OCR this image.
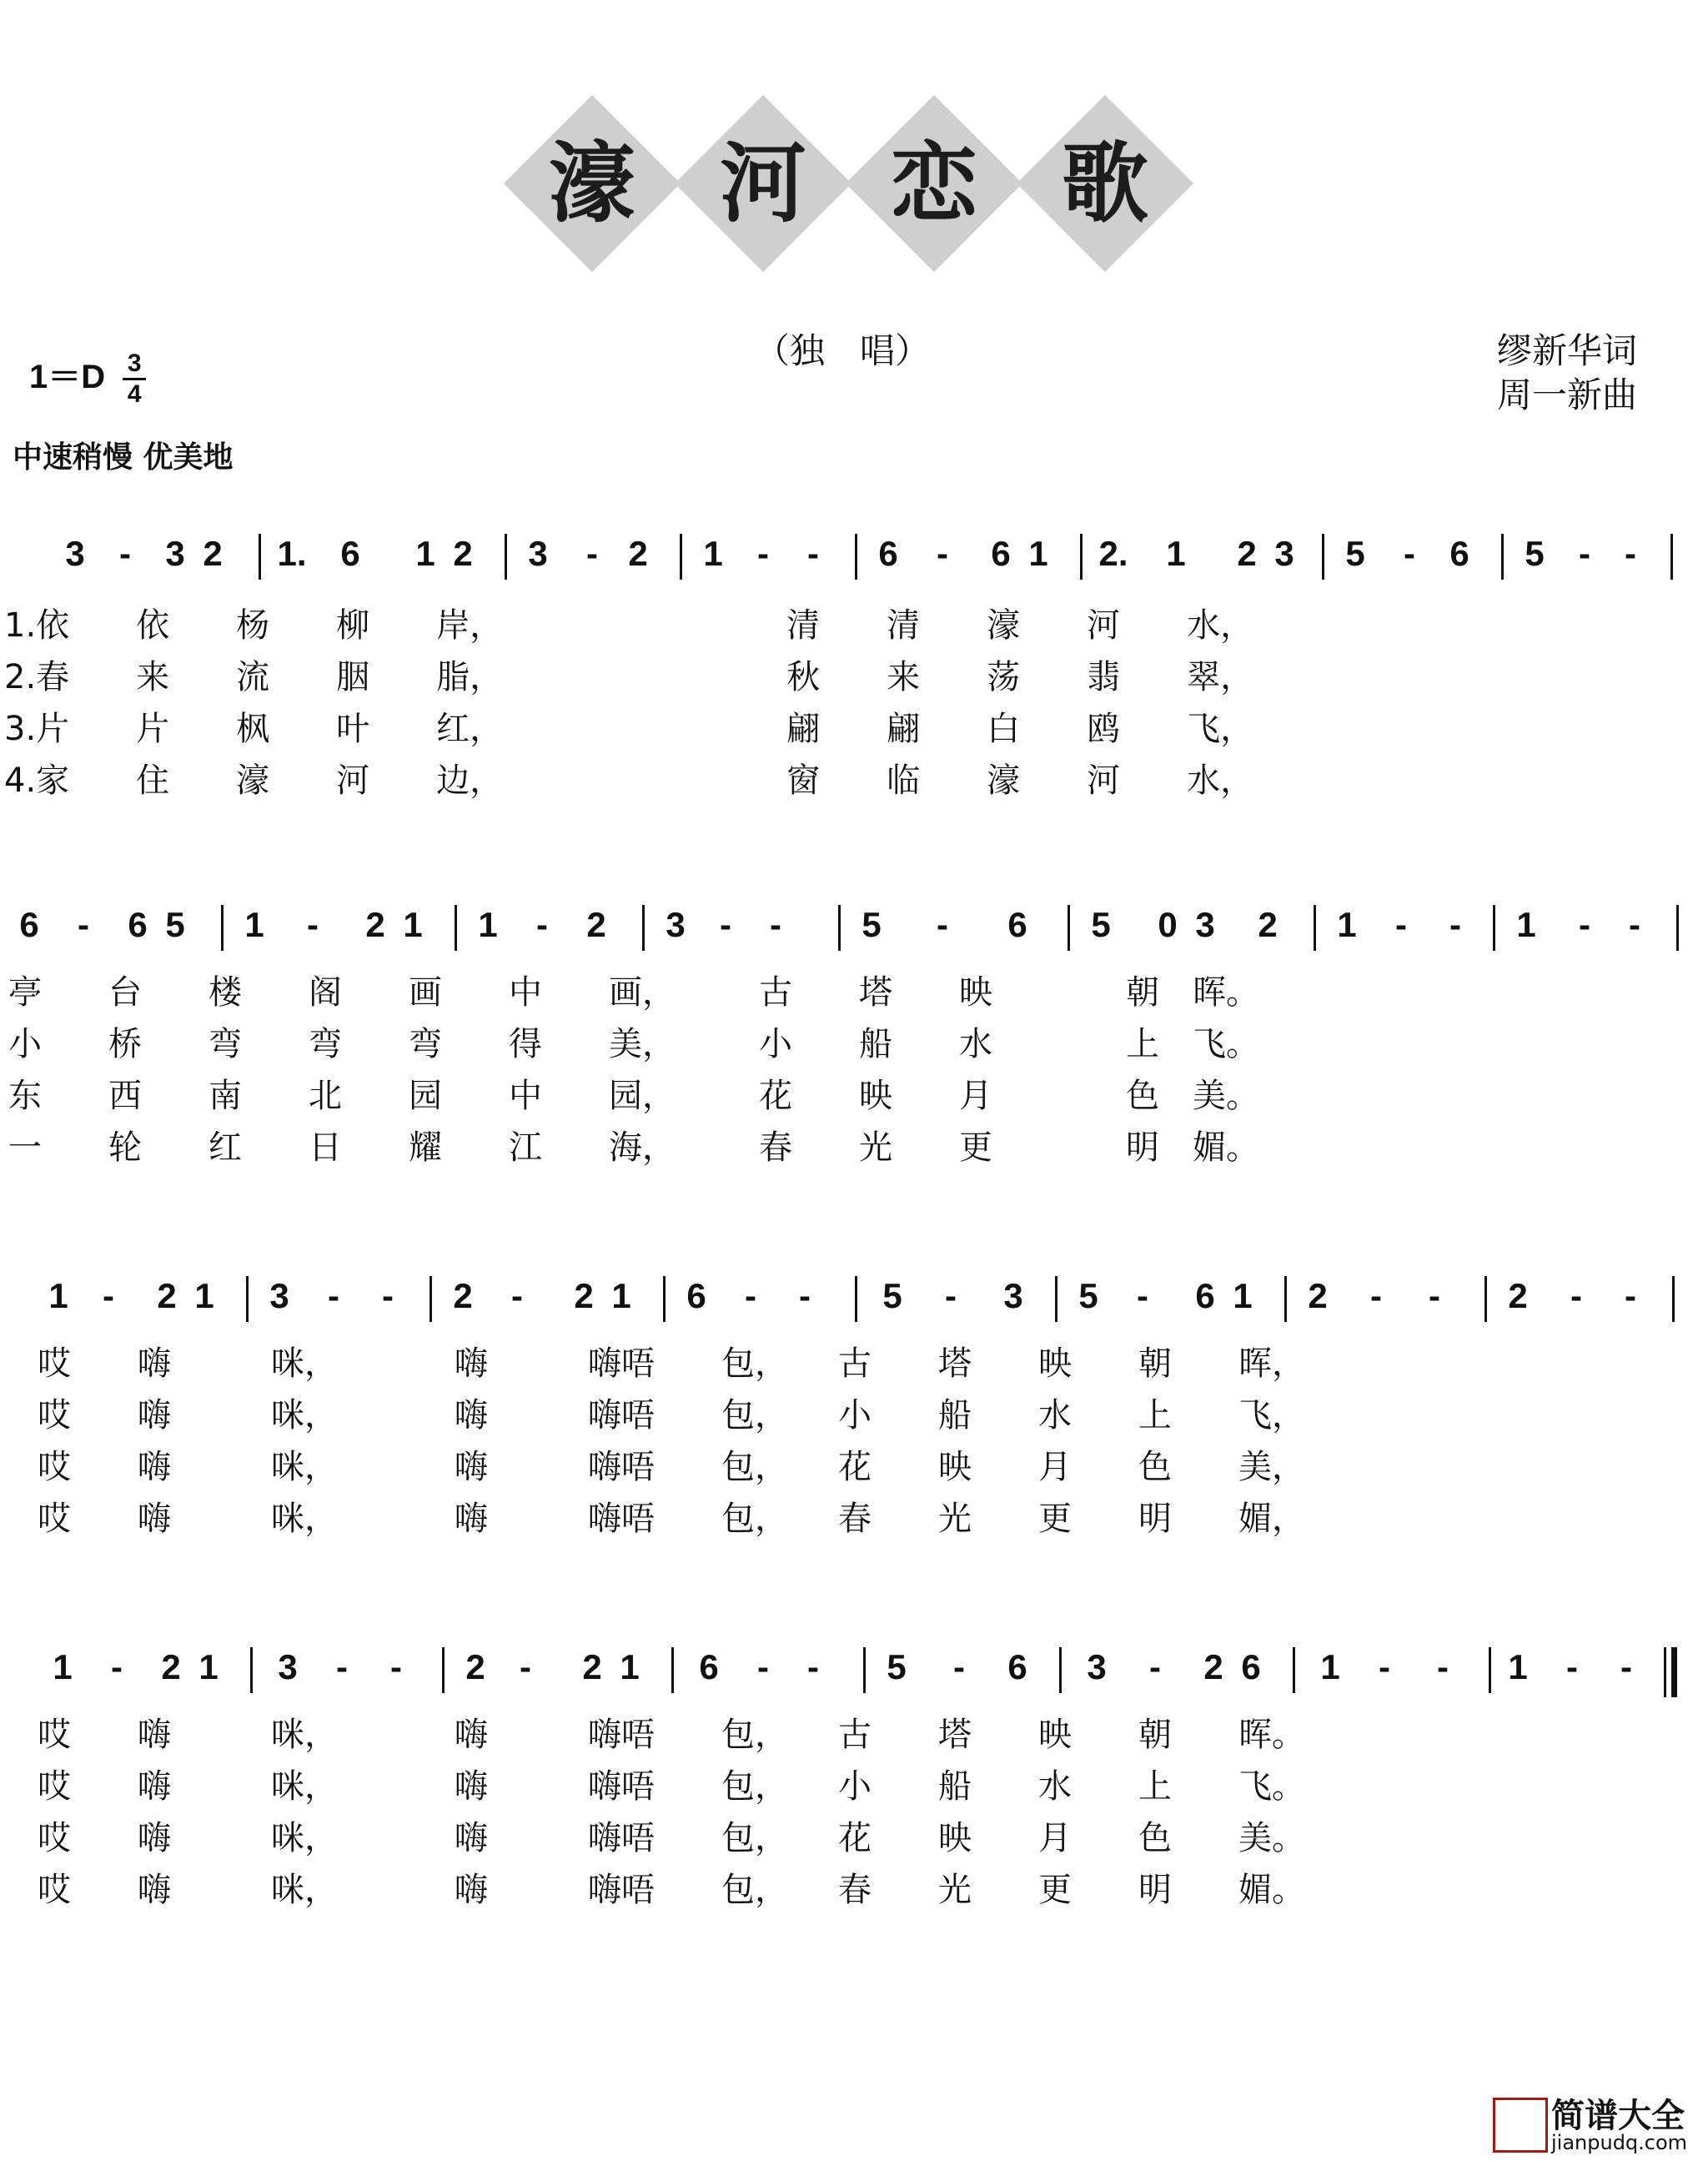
濠 河 恋 歌
（独　唱）	缪新华词
周一新曲
$1=D \frac{3}{4}$
中速稍慢 优美地
3 - 3 2 1. 6 1 2 3	- 2 1 -	-	6	-	6 1 2. 1 2 3 5	- 6 5 - -
1.依　　依　　杨　　柳　　岸，　　　　　　　　　清　　清　　濠　　河　　水，
2.春　　来　　流　　胭　　脂，　　　　　　　　　秋　　来　　荡　　翡　　翠，
3.片　　片　　枫　　叶　　红，　　　　　　　　　翩　　翩　　白　　鸥　　飞，
4.家　　住　　濠　　河　　边，　　　　　　　　　窗　　临　　濠　　河　　水，
6	-	6 5 1	-	2 1 1	-	2 3 -	-	5	-	6 5 0 3 2 1	-	-	1	-	-
亭　　台　　楼　　阁　　画　　中　　画，　　　古　　塔　　映　　　　朝　晖。
小　　桥　　弯　　弯　　弯　　得　　美，　　　小　　船　　水　　　　上　飞。
东　　西　　南　　北　　园　　中　　园，　　　花　　映　　月　　　　色　美。
一　　轮　　红　　日　　耀　　江　　海，　　　春　　光　　更　　　　明　媚。
1 -	2 1 3	-	-	2	-	2 1 6	-	-	5	-	3 5	-	6 1 2	-	-	2	-	-
哎　　嗨　　　咪，　　　　嗨　　　嗨唔　　包，　　古　　塔　　映　　朝　　晖，
哎　　嗨　　　咪，　　　　嗨　　　嗨唔　　包，　　小　　船　　水　　上　　飞，
哎　　嗨　　　咪，　　　　嗨　　　嗨唔　　包，　　花　　映　　月　　色　　美，
哎　　嗨　　　咪，　　　　嗨　　　嗨唔　　包，　　春　　光　　更　　明　　媚，
1	-	2 1 3	-	-	2 -	2 1 6	-	-	5	-	6 3	-	2 6 1	-	-	1	-	-
哎　　嗨　　　咪，　　　　嗨　　　嗨唔　　包，　　古　　塔　　映　　朝　　晖。
哎　　嗨　　　咪，　　　　嗨　　　嗨唔　　包，　　小　　船　　水　　上　　飞。
哎　　嗨　　　咪，　　　　嗨　　　嗨唔　　包，　　花　　映　　月　　色　　美。
哎　　嗨　　　咪，　　　　嗨　　　嗨唔　　包，　　春　　光　　更　　明　　媚。
简谱大全
jianpudq.com
